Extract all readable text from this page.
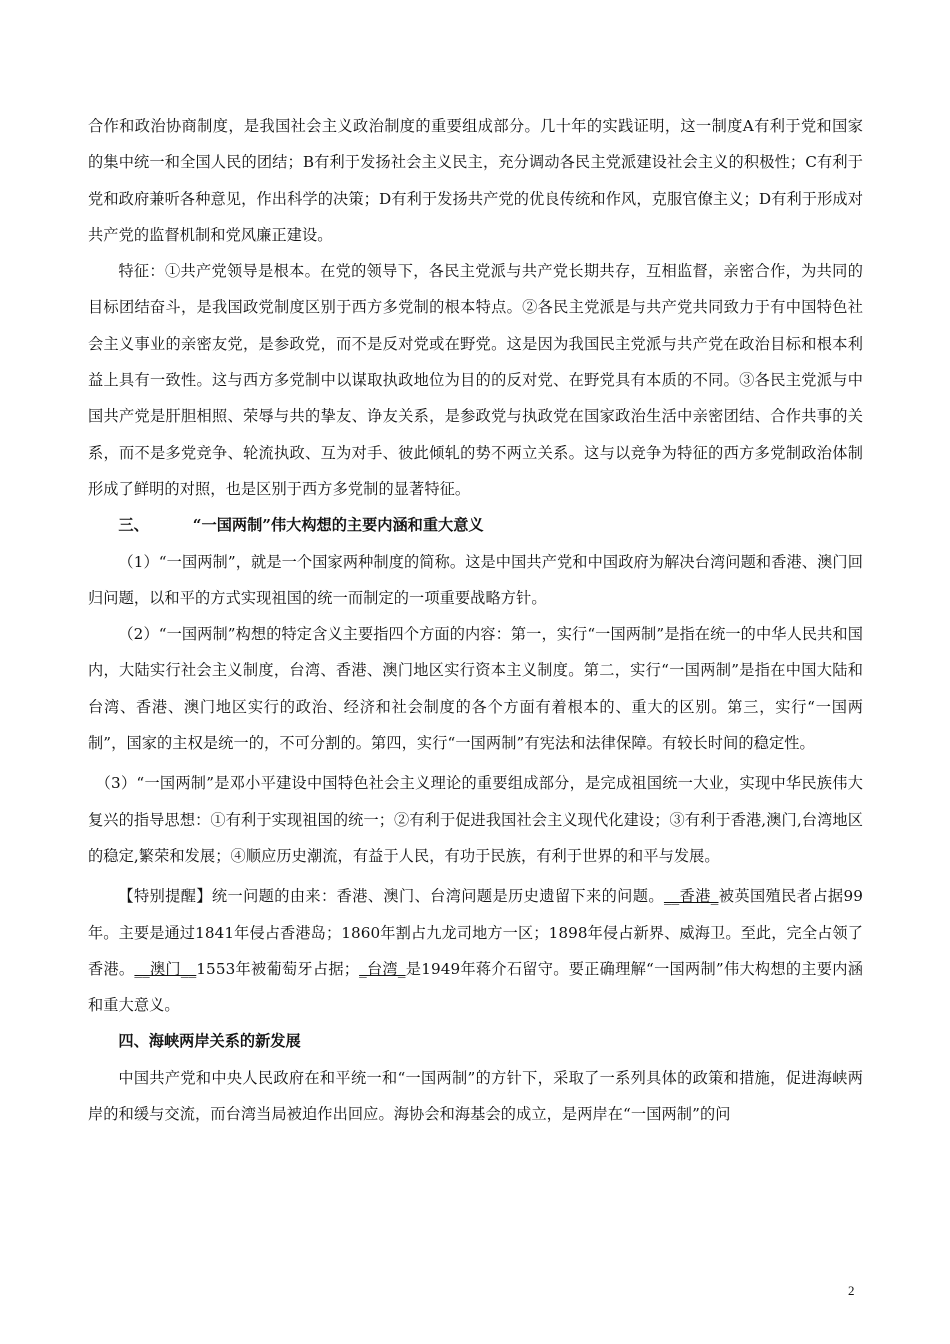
合作和政治协商制度，是我国社会主义政治制度的重要组成部分。几十年的实践证明，这一制度A有利于党和国家的集中统一和全国人民的团结；B有利于发扬社会主义民主，充分调动各民主党派建设社会主义的积极性；C有利于党和政府兼听各种意见，作出科学的决策；D有利于发扬共产党的优良传统和作风，克服官僚主义；D有利于形成对共产党的监督机制和党风廉正建设。

特征：①共产党领导是根本。在党的领导下，各民主党派与共产党长期共存，互相监督，亲密合作，为共同的目标团结奋斗，是我国政党制度区别于西方多党制的根本特点。②各民主党派是与共产党共同致力于有中国特色社会主义事业的亲密友党，是参政党，而不是反对党或在野党。这是因为我国民主党派与共产党在政治目标和根本利益上具有一致性。这与西方多党制中以谋取执政地位为目的的反对党、在野党具有本质的不同。③各民主党派与中国共产党是肝胆相照、荣辱与共的挚友、诤友关系，是参政党与执政党在国家政治生活中亲密团结、合作共事的关系，而不是多党竞争、轮流执政、互为对手、彼此倾轧的势不两立关系。这与以竞争为特征的西方多党制政治体制形成了鲜明的对照，也是区别于西方多党制的显著特征。

三、	“一国两制”伟大构想的主要内涵和重大意义

（1）“一国两制”，就是一个国家两种制度的简称。这是中国共产党和中国政府为解决台湾问题和香港、澳门回归问题，以和平的方式实现祖国的统一而制定的一项重要战略方针。

（2）“一国两制”构想的特定含义主要指四个方面的内容：第一，实行“一国两制”是指在统一的中华人民共和国内，大陆实行社会主义制度，台湾、香港、澳门地区实行资本主义制度。第二，实行“一国两制”是指在中国大陆和台湾、香港、澳门地区实行的政治、经济和社会制度的各个方面有着根本的、重大的区别。第三，实行“一国两制”，国家的主权是统一的，不可分割的。第四，实行“一国两制”有宪法和法律保障。有较长时间的稳定性。

（3）“一国两制”是邓小平建设中国特色社会主义理论的重要组成部分，是完成祖国统一大业，实现中华民族伟大复兴的指导思想：①有利于实现祖国的统一；②有利于促进我国社会主义现代化建设；③有利于香港,澳门,台湾地区的稳定,繁荣和发展；④顺应历史潮流，有益于人民，有功于民族，有利于世界的和平与发展。

【特别提醒】统一问题的由来：香港、澳门、台湾问题是历史遗留下来的问题。__香港_被英国殖民者占据99年。主要是通过1841年侵占香港岛；1860年割占九龙司地方一区；1898年侵占新界、威海卫。至此，完全占领了香港。__澳门__1553年被葡萄牙占据；_台湾_是1949年蒋介石留守。要正确理解“一国两制”伟大构想的主要内涵和重大意义。

四、海峡两岸关系的新发展

中国共产党和中央人民政府在和平统一和“一国两制”的方针下，采取了一系列具体的政策和措施，促进海峡两岸的和缓与交流，而台湾当局被迫作出回应。海协会和海基会的成立，是两岸在“一国两制”的问

2
